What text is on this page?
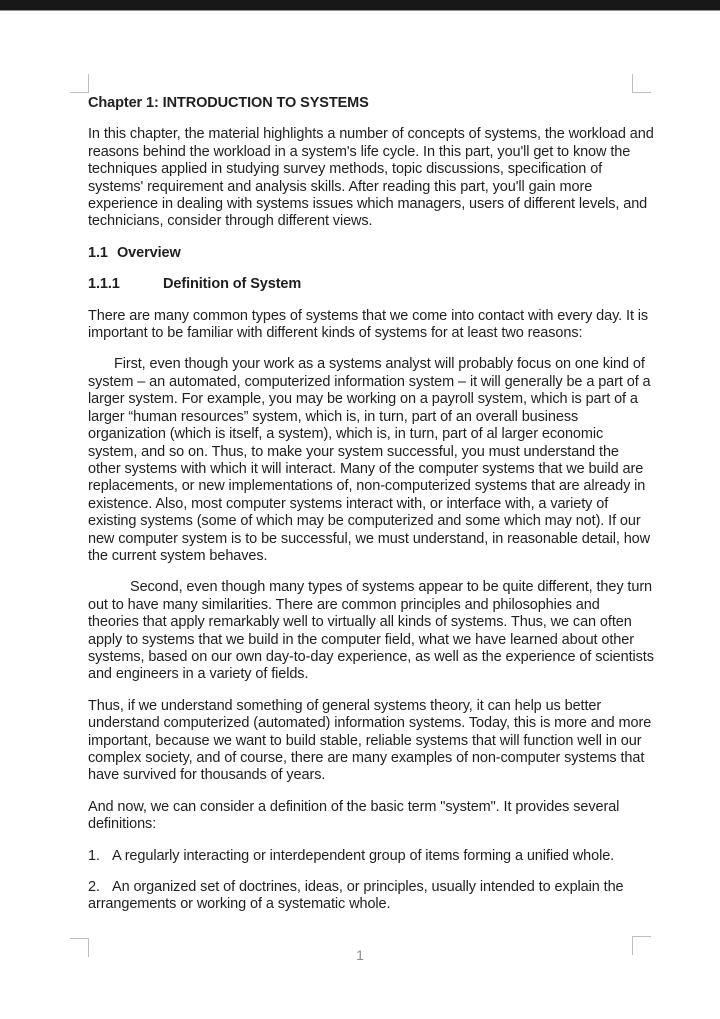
Chapter 1: INTRODUCTION TO SYSTEMS

In this chapter, the material highlights a number of concepts of systems, the workload and reasons behind the workload in a system's life cycle. In this part, you'll get to know the techniques applied in studying survey methods, topic discussions, specification of systems' requirement and analysis skills. After reading this part, you'll gain more experience in dealing with systems issues which managers, users of different levels, and technicians, consider through different views.

1.1 Overview

1.1.1	Definition of System

There are many common types of systems that we come into contact with every day. It is important to be familiar with different kinds of systems for at least two reasons:

First, even though your work as a systems analyst will probably focus on one kind of system – an automated, computerized information system – it will generally be a part of a larger system. For example, you may be working on a payroll system, which is part of a larger “human resources” system, which is, in turn, part of an overall business organization (which is itself, a system), which is, in turn, part of al larger economic system, and so on. Thus, to make your system successful, you must understand the other systems with which it will interact. Many of the computer systems that we build are replacements, or new implementations of, non-computerized systems that are already in existence. Also, most computer systems interact with, or interface with, a variety of existing systems (some of which may be computerized and some which may not). If our new computer system is to be successful, we must understand, in reasonable detail, how the current system behaves.

Second, even though many types of systems appear to be quite different, they turn out to have many similarities. There are common principles and philosophies and theories that apply remarkably well to virtually all kinds of systems. Thus, we can often apply to systems that we build in the computer field, what we have learned about other systems, based on our own day-to-day experience, as well as the experience of scientists and engineers in a variety of fields.

Thus, if we understand something of general systems theory, it can help us better understand computerized (automated) information systems. Today, this is more and more important, because we want to build stable, reliable systems that will function well in our complex society, and of course, there are many examples of non-computer systems that have survived for thousands of years.

And now, we can consider a definition of the basic term "system". It provides several definitions:

1. A regularly interacting or interdependent group of items forming a unified whole.

2. An organized set of doctrines, ideas, or principles, usually intended to explain the arrangements or working of a systematic whole.

1
